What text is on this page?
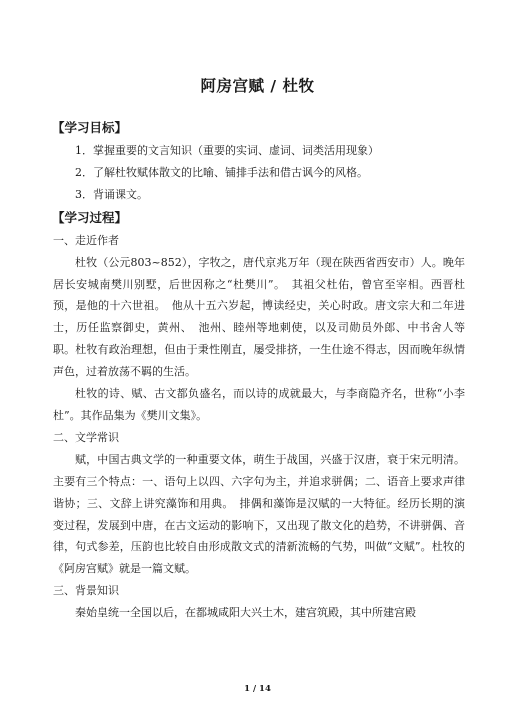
阿房宫赋 / 杜牧
【学习目标】
1．掌握重要的文言知识（重要的实词、虚词、词类活用现象）
2．了解杜牧赋体散文的比喻、铺排手法和借古讽今的风格。
3．背诵课文。
【学习过程】
一、走近作者

杜牧（公元803~852），字牧之，唐代京兆万年（现在陕西省西安市）人。晚年居长安城南樊川别墅，后世因称之“杜樊川”。　其祖父杜佑，曾官至宰相。西晋杜预，是他的十六世祖。　他从十五六岁起，博读经史，关心时政。唐文宗大和二年进士，历任监察御史，黄州、　池州、睦州等地刺使，以及司勋员外郎、中书舍人等职。杜牧有政治理想，但由于秉性刚直，屡受排挤，一生仕途不得志，因而晚年纵情声色，过着放荡不羁的生活。

杜牧的诗、赋、古文都负盛名，而以诗的成就最大，与李商隐齐名，世称“小李杜”。其作品集为《樊川文集》。

二、文学常识

赋，中国古典文学的一种重要文体，萌生于战国，兴盛于汉唐，衰于宋元明清。主要有三个特点：一、语句上以四、六字句为主，并追求骈偶；二、语音上要求声律谐协；三、文辞上讲究藻饰和用典。　排偶和藻饰是汉赋的一大特征。经历长期的演变过程，发展到中唐，在古文运动的影响下，又出现了散文化的趋势，不讲骈偶、音律，句式参差，压韵也比较自由形成散文式的清新流畅的气势，叫做“文赋”。杜牧的《阿房宫赋》就是一篇文赋。

三、背景知识

秦始皇统一全国以后，在都城咸阳大兴土木，建宫筑殿，其中所建宫殿

1 / 14
